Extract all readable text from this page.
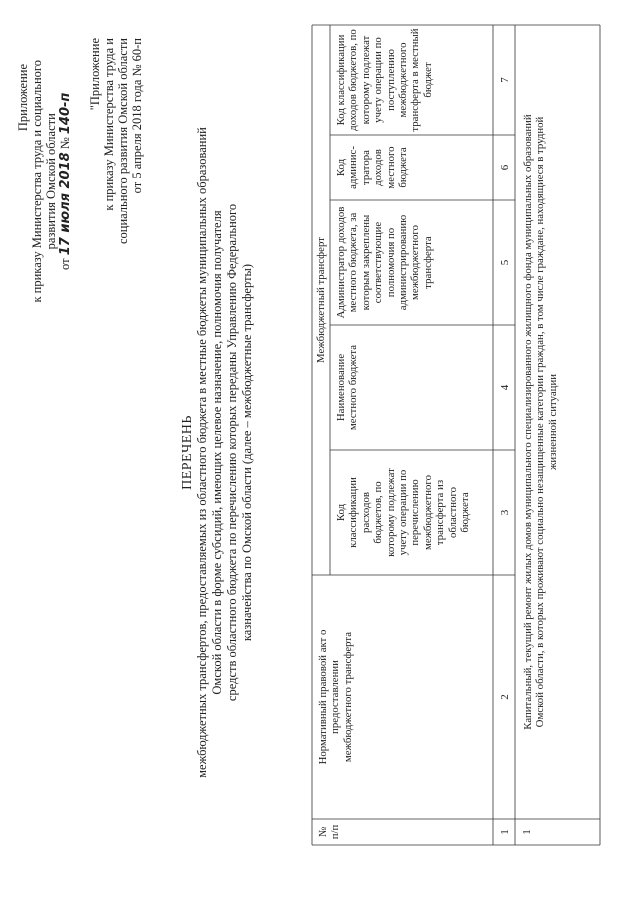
Приложение к приказу Министерства труда и социального развития Омской области
от 17 июля 2018 № 140-п
"Приложение к приказу Министерства труда и социального развития Омской области от 5 апреля 2018 года № 60-п
ПЕРЕЧЕНЬ межбюджетных трансфертов, предоставляемых из областного бюджета в местные бюджеты муниципальных образований Омской области в форме субсидий, имеющих целевое назначение, полномочия получателя средств областного бюджета по перечислению которых переданы Управлению Федерального казначейства по Омской области (далее – межбюджетные трансферты)
№ п/п
Нормативный правовой акт о предоставлении межбюджетного трансферта
Межбюджетный трансферт
Код классификации расходов бюджетов, по которому подлежат учету операции по перечислению межбюджетного трансферта из областного бюджета
Наименование местного бюджета
Администратор доходов местного бюджета, за которым закреплены соответствующие полномочия по администрированию межбюджетного трансферта
Код админис- тратора доходов местного бюджета
Код классификации доходов бюджетов, по которому подлежат учету операции по поступлению межбюджетного трансферта в местный бюджет
1
2
3
4
5
6
7
1
Капитальный, текущий ремонт жилых домов муниципального специализированного жилищного фонда муниципальных образований Омской области, в которых проживают социально незащищенные категории граждан, в том числе граждане, находящиеся в трудной жизненной ситуации
